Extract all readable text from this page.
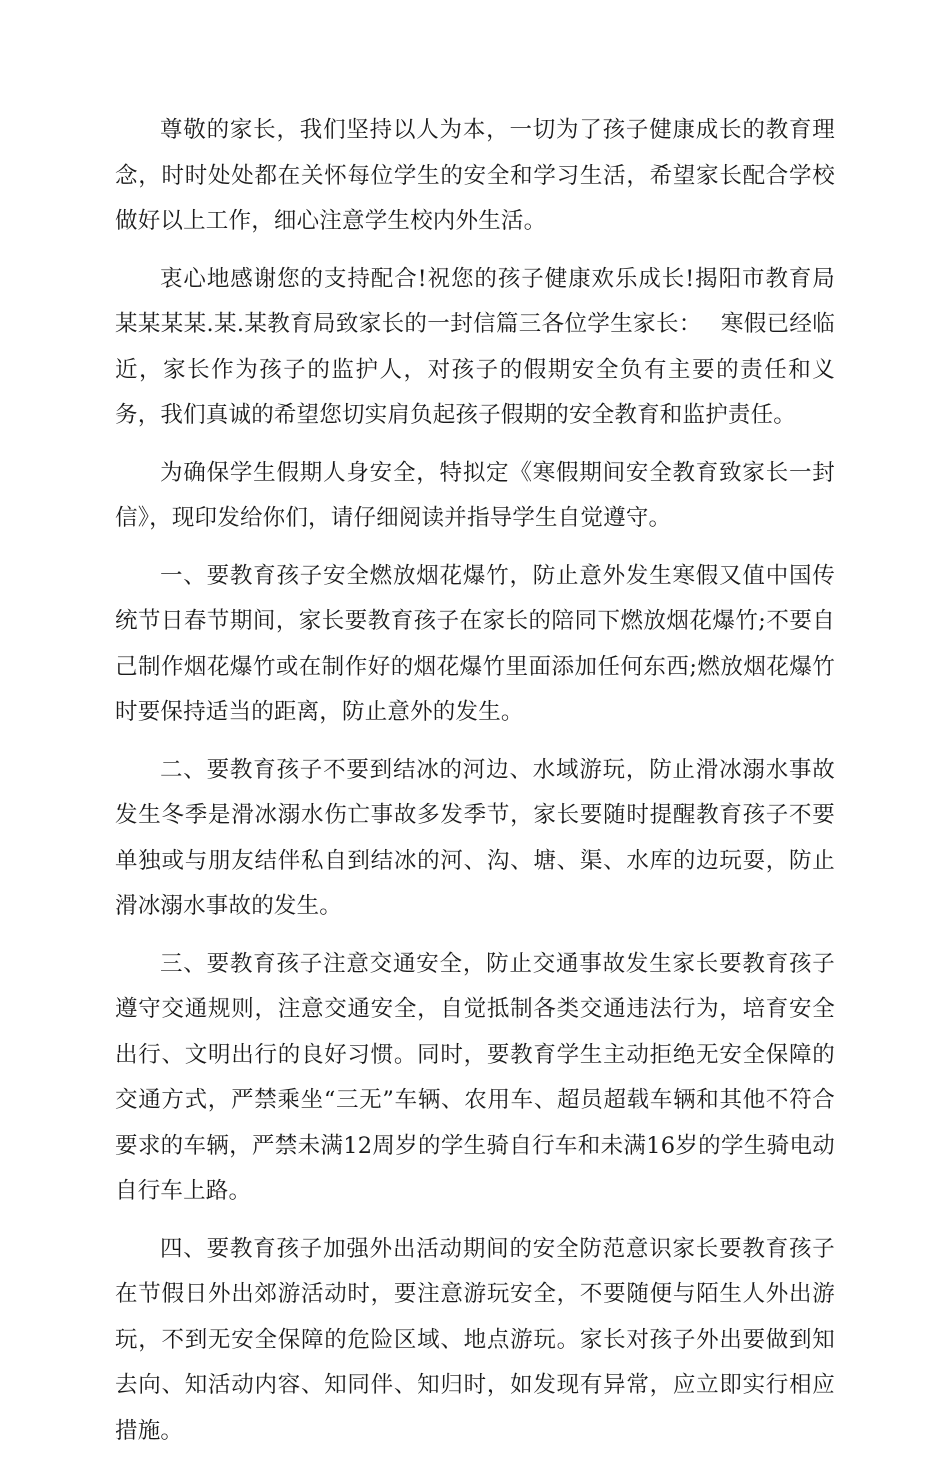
尊敬的家长，我们坚持以人为本，一切为了孩子健康成长的教育理念，时时处处都在关怀每位学生的安全和学习生活，希望家长配合学校做好以上工作，细心注意学生校内外生活。

衷心地感谢您的支持配合!祝您的孩子健康欢乐成长!揭阳市教育局某某某某.某.某教育局致家长的一封信篇三各位学生家长：　 寒假已经临近，家长作为孩子的监护人，对孩子的假期安全负有主要的责任和义务，我们真诚的希望您切实肩负起孩子假期的安全教育和监护责任。

为确保学生假期人身安全，特拟定《寒假期间安全教育致家长一封信》，现印发给你们，请仔细阅读并指导学生自觉遵守。

一、要教育孩子安全燃放烟花爆竹，防止意外发生寒假又值中国传统节日春节期间，家长要教育孩子在家长的陪同下燃放烟花爆竹;不要自己制作烟花爆竹或在制作好的烟花爆竹里面添加任何东西;燃放烟花爆竹时要保持适当的距离，防止意外的发生。

二、要教育孩子不要到结冰的河边、水域游玩，防止滑冰溺水事故发生冬季是滑冰溺水伤亡事故多发季节，家长要随时提醒教育孩子不要单独或与朋友结伴私自到结冰的河、沟、塘、渠、水库的边玩耍，防止滑冰溺水事故的发生。

三、要教育孩子注意交通安全，防止交通事故发生家长要教育孩子遵守交通规则，注意交通安全，自觉抵制各类交通违法行为，培育安全出行、文明出行的良好习惯。同时，要教育学生主动拒绝无安全保障的交通方式，严禁乘坐“三无”车辆、农用车、超员超载车辆和其他不符合要求的车辆，严禁未满12周岁的学生骑自行车和未满16岁的学生骑电动自行车上路。

四、要教育孩子加强外出活动期间的安全防范意识家长要教育孩子在节假日外出郊游活动时，要注意游玩安全，不要随便与陌生人外出游玩，不到无安全保障的危险区域、地点游玩。家长对孩子外出要做到知去向、知活动内容、知同伴、知归时，如发现有异常，应立即实行相应措施。
